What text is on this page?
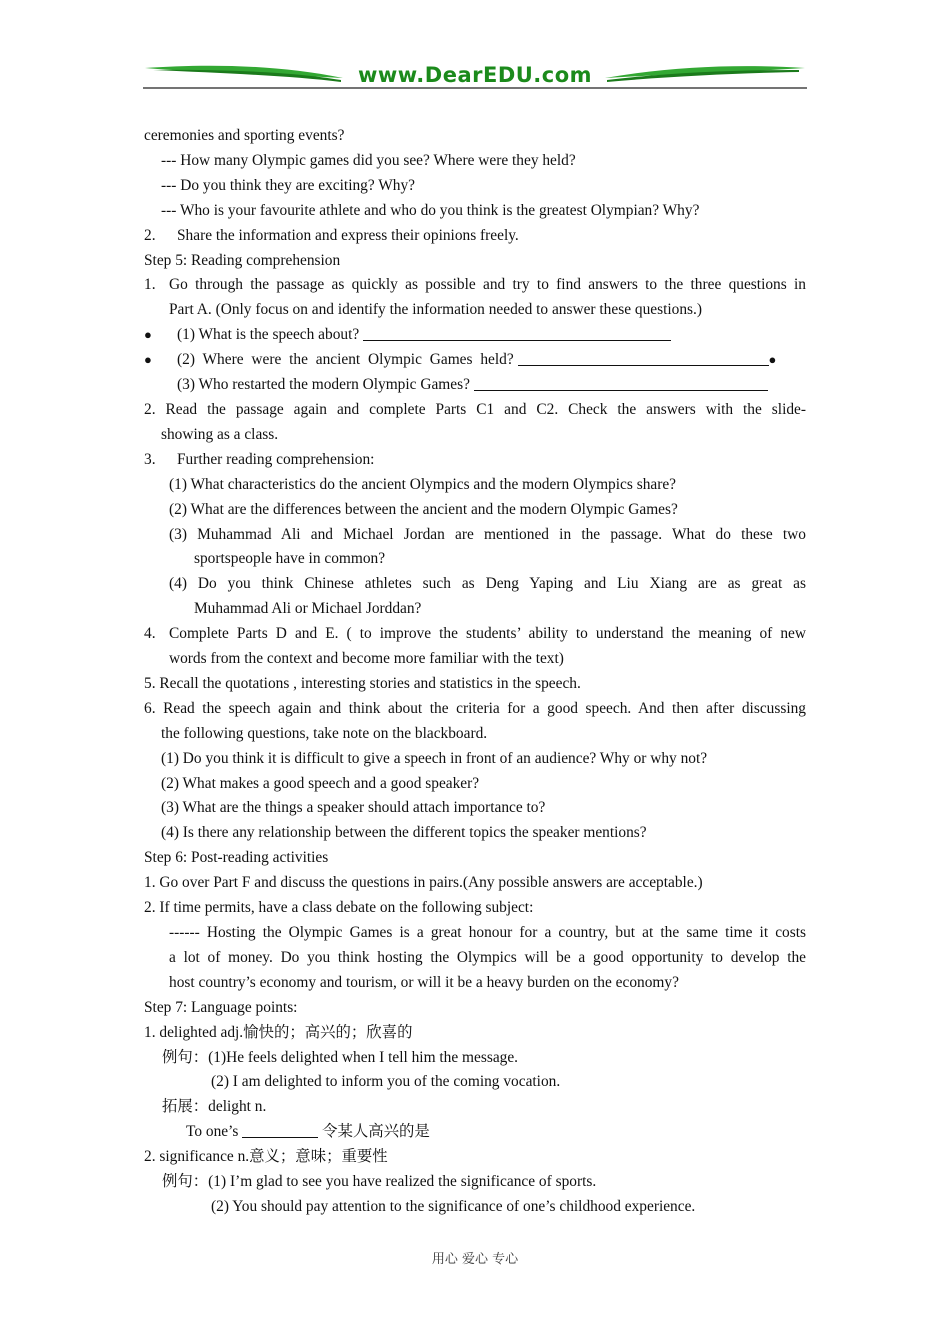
www.DearEDU.com
ceremonies and sporting events?
--- How many Olympic games did you see? Where were they held?
--- Do you think they are exciting? Why?
--- Who is your favourite athlete and who do you think is the greatest Olympian? Why?
2. Share the information and express their opinions freely.
Step 5: Reading comprehension
1. Go through the passage as quickly as possible and try to find answers to the three questions in
Part A. (Only focus on and identify the information needed to answer these questions.)
● (1) What is the speech about?
● (2) Where were the ancient Olympic Games held?	●
(3) Who restarted the modern Olympic Games?
2. Read the passage again and complete Parts C1 and C2. Check the answers with the slide-
showing as a class.
3. Further reading comprehension:
(1) What characteristics do the ancient Olympics and the modern Olympics share?
(2) What are the differences between the ancient and the modern Olympic Games?
(3) Muhammad Ali and Michael Jordan are mentioned in the passage. What do these two
sportspeople have in common?
(4) Do you think Chinese athletes such as Deng Yaping and Liu Xiang are as great as
Muhammad Ali or Michael Jorddan?
4. Complete Parts D and E. ( to improve the students’ ability to understand the meaning of new
words from the context and become more familiar with the text)
5. Recall the quotations , interesting stories and statistics in the speech.
6. Read the speech again and think about the criteria for a good speech. And then after discussing
the following questions, take note on the blackboard.
(1) Do you think it is difficult to give a speech in front of an audience? Why or why not?
(2) What makes a good speech and a good speaker?
(3) What are the things a speaker should attach importance to?
(4) Is there any relationship between the different topics the speaker mentions?
Step 6: Post-reading activities
1. Go over Part F and discuss the questions in pairs.(Any possible answers are acceptable.)
2. If time permits, have a class debate on the following subject:
------ Hosting the Olympic Games is a great honour for a country, but at the same time it costs
a lot of money. Do you think hosting the Olympics will be a good opportunity to develop the
host country’s economy and tourism, or will it be a heavy burden on the economy?
Step 7: Language points:
1. delighted adj.愉快的；高兴的；欣喜的
例句：(1)He feels delighted when I tell him the message.
(2) I am delighted to inform you of the coming vocation.
拓展：delight n.
To one’s	令某人高兴的是
2. significance n.意义；意味；重要性
例句：(1) I’m glad to see you have realized the significance of sports.
(2) You should pay attention to the significance of one’s childhood experience.
用心 爱心 专心
